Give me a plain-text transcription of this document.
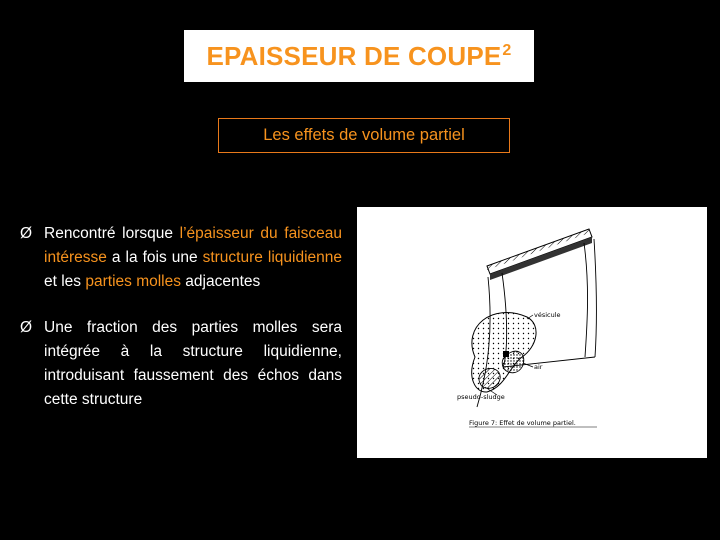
EPAISSEUR DE COUPE$^2$
Les effets de volume partiel
Ø Rencontré lorsque l’épaisseur du faisceau intéresse a la fois une structure liquidienne et les parties molles adjacentes
Ø Une fraction des parties molles sera intégrée à la structure liquidienne, introduisant faussement des échos dans cette structure
vésicule
air
pseudo-sludge
Figure 7: Effet de volume partiel.
